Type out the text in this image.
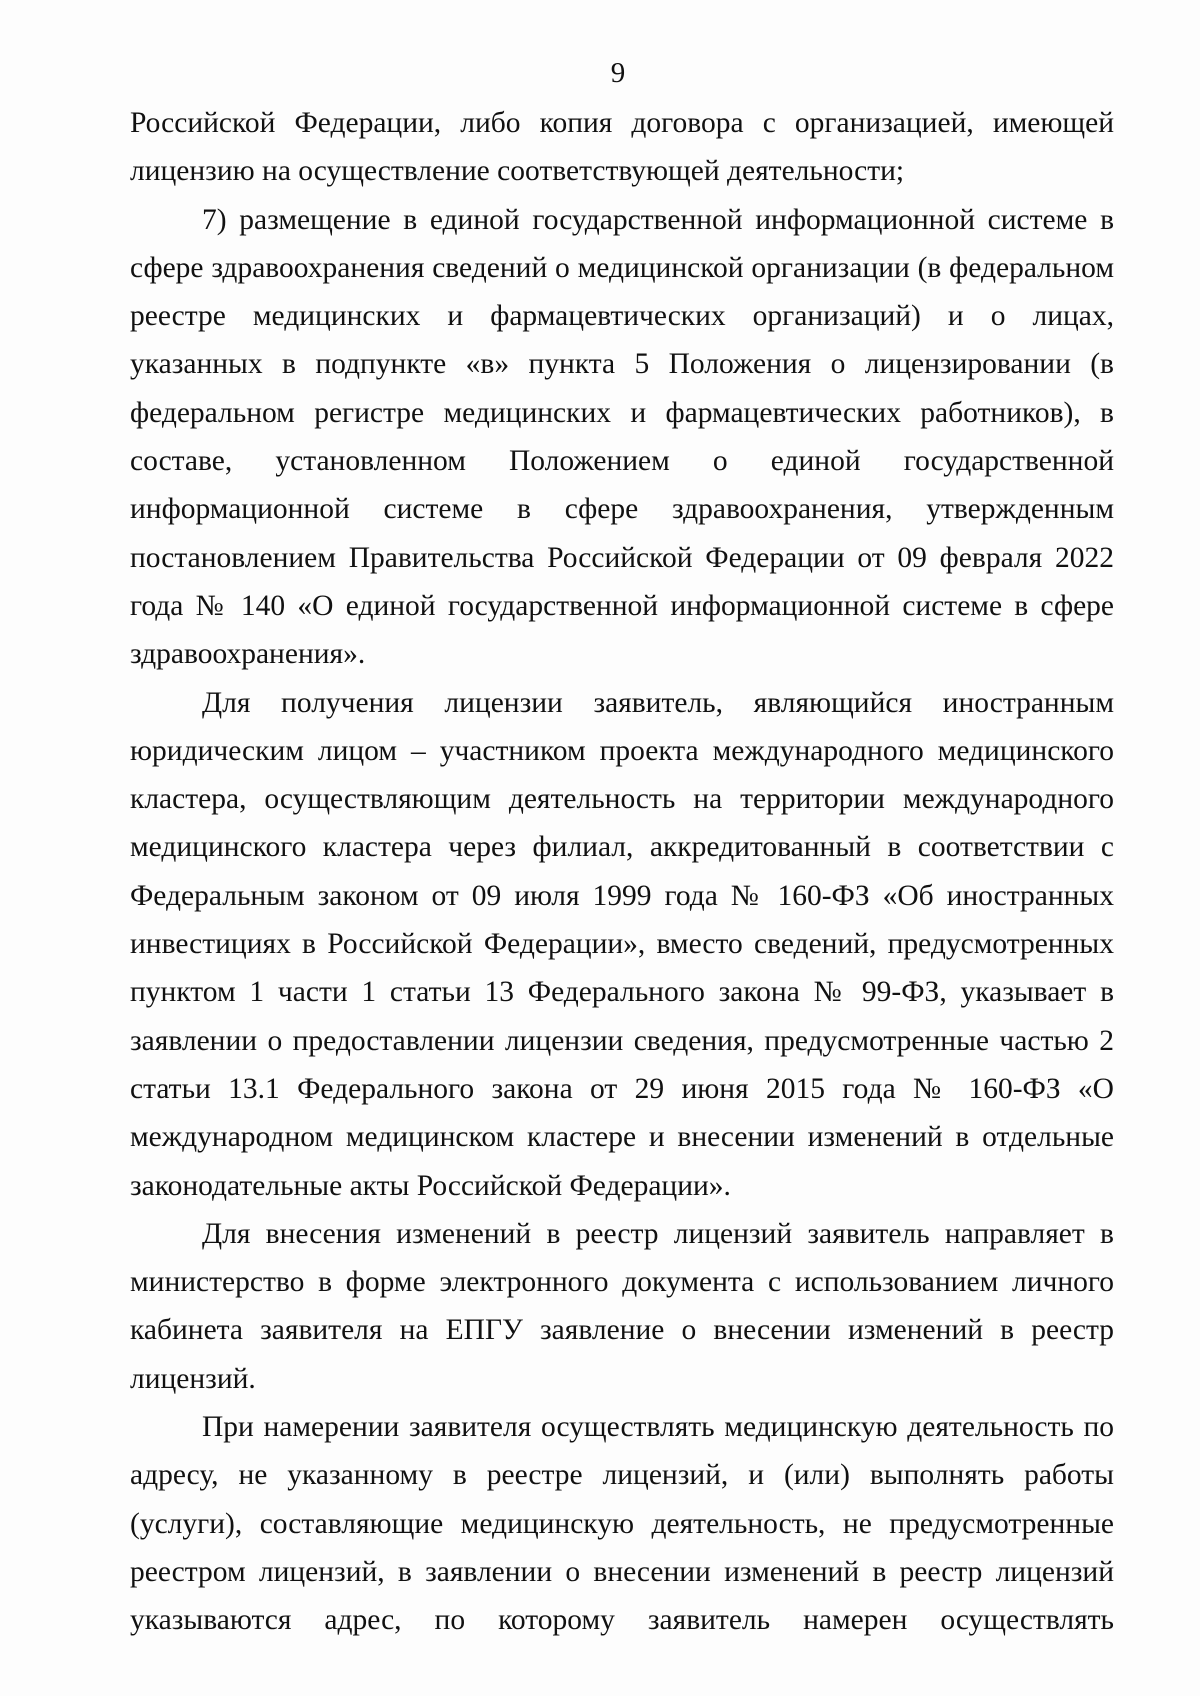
9

Российской Федерации, либо копия договора с организацией, имеющей лицензию на осуществление соответствующей деятельности;

7) размещение в единой государственной информационной системе в сфере здравоохранения сведений о медицинской организации (в федеральном реестре медицинских и фармацевтических организаций) и о лицах, указанных в подпункте «в» пункта 5 Положения о лицензировании (в федеральном регистре медицинских и фармацевтических работников), в составе, установленном Положением о единой государственной информационной системе в сфере здравоохранения, утвержденным постановлением Правительства Российской Федерации от 09 февраля 2022 года № 140 «О единой государственной информационной системе в сфере здравоохранения».

Для получения лицензии заявитель, являющийся иностранным юридическим лицом – участником проекта международного медицинского кластера, осуществляющим деятельность на территории международного медицинского кластера через филиал, аккредитованный в соответствии с Федеральным законом от 09 июля 1999 года № 160-ФЗ «Об иностранных инвестициях в Российской Федерации», вместо сведений, предусмотренных пунктом 1 части 1 статьи 13 Федерального закона № 99-ФЗ, указывает в заявлении о предоставлении лицензии сведения, предусмотренные частью 2 статьи 13.1 Федерального закона от 29 июня 2015 года № 160-ФЗ «О международном медицинском кластере и внесении изменений в отдельные законодательные акты Российской Федерации».

Для внесения изменений в реестр лицензий заявитель направляет в министерство в форме электронного документа с использованием личного кабинета заявителя на ЕПГУ заявление о внесении изменений в реестр лицензий.

При намерении заявителя осуществлять медицинскую деятельность по адресу, не указанному в реестре лицензий, и (или) выполнять работы (услуги), составляющие медицинскую деятельность, не предусмотренные реестром лицензий, в заявлении о внесении изменений в реестр лицензий указываются адрес, по которому заявитель намерен осуществлять
